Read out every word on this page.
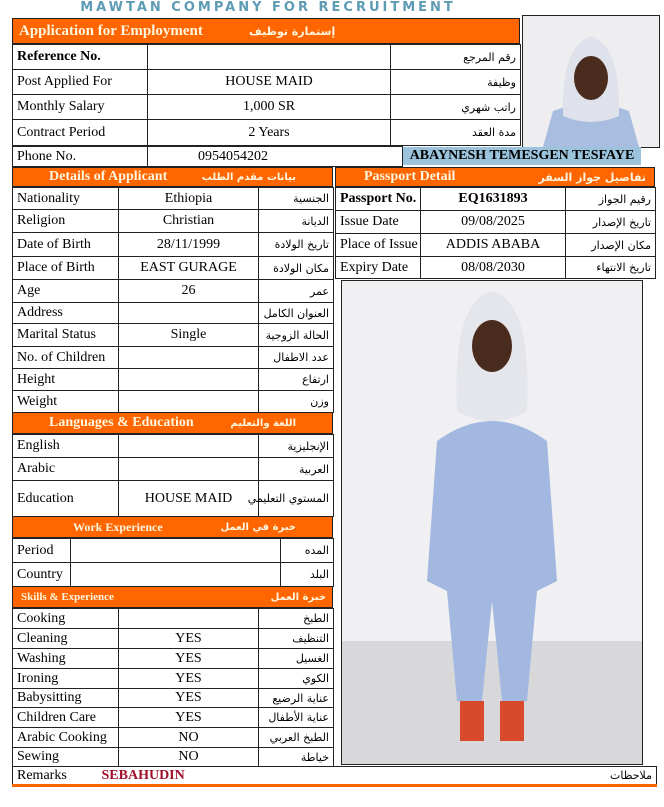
MAWTAN COMPANY FOR RECRUITMENT
Application for Employment	إستمارة توظيف
Reference No.		رقم المرجع
Post Applied For	HOUSE MAID	وظيفة
Monthly Salary	1,000 SR	راتب شهري
Contract Period	2 Years	مدة العقد
Phone No.	0954054202	ABAYNESH TEMESGEN TESFAYE
Details of Applicant	بيانات مقدم الطلب
Nationality	Ethiopia	الجنسية
Religion	Christian	الديانة
Date of Birth	28/11/1999	تاريخ الولادة
Place of Birth	EAST GURAGE	مكان الولادة
Age	26	عمر
Address		العنوان الكامل
Marital Status	Single	الحالة الزوجية
No. of Children		عدد الاطفال
Height		ارتفاع
Weight		وزن
Languages & Education	اللغة والتعليم
English		الإنجليزية
Arabic		العربية
Education	HOUSE MAID	المستوي التعليمي
Work Experience	خبرة في العمل
Period		المده
Country		البلد
Skills & Experience	خبرة العمل
Cooking		الطبخ
Cleaning	YES	التنظيف
Washing	YES	الغسيل
Ironing	YES	الكوي
Babysitting	YES	عناية الرضيع
Children Care	YES	عناية الأطفال
Arabic Cooking	NO	الطبخ العربي
Sewing	NO	خياطة
Passport Detail	تفاصيل جواز السفر
Passport No.	EQ1631893	رقيم الجواز
Issue Date	09/08/2025	تاريخ الإصدار
Place of Issue	ADDIS ABABA	مكان الإصدار
Expiry Date	08/08/2030	تاريخ الانتهاء
Remarks	SEBAHUDIN	ملاحظات
